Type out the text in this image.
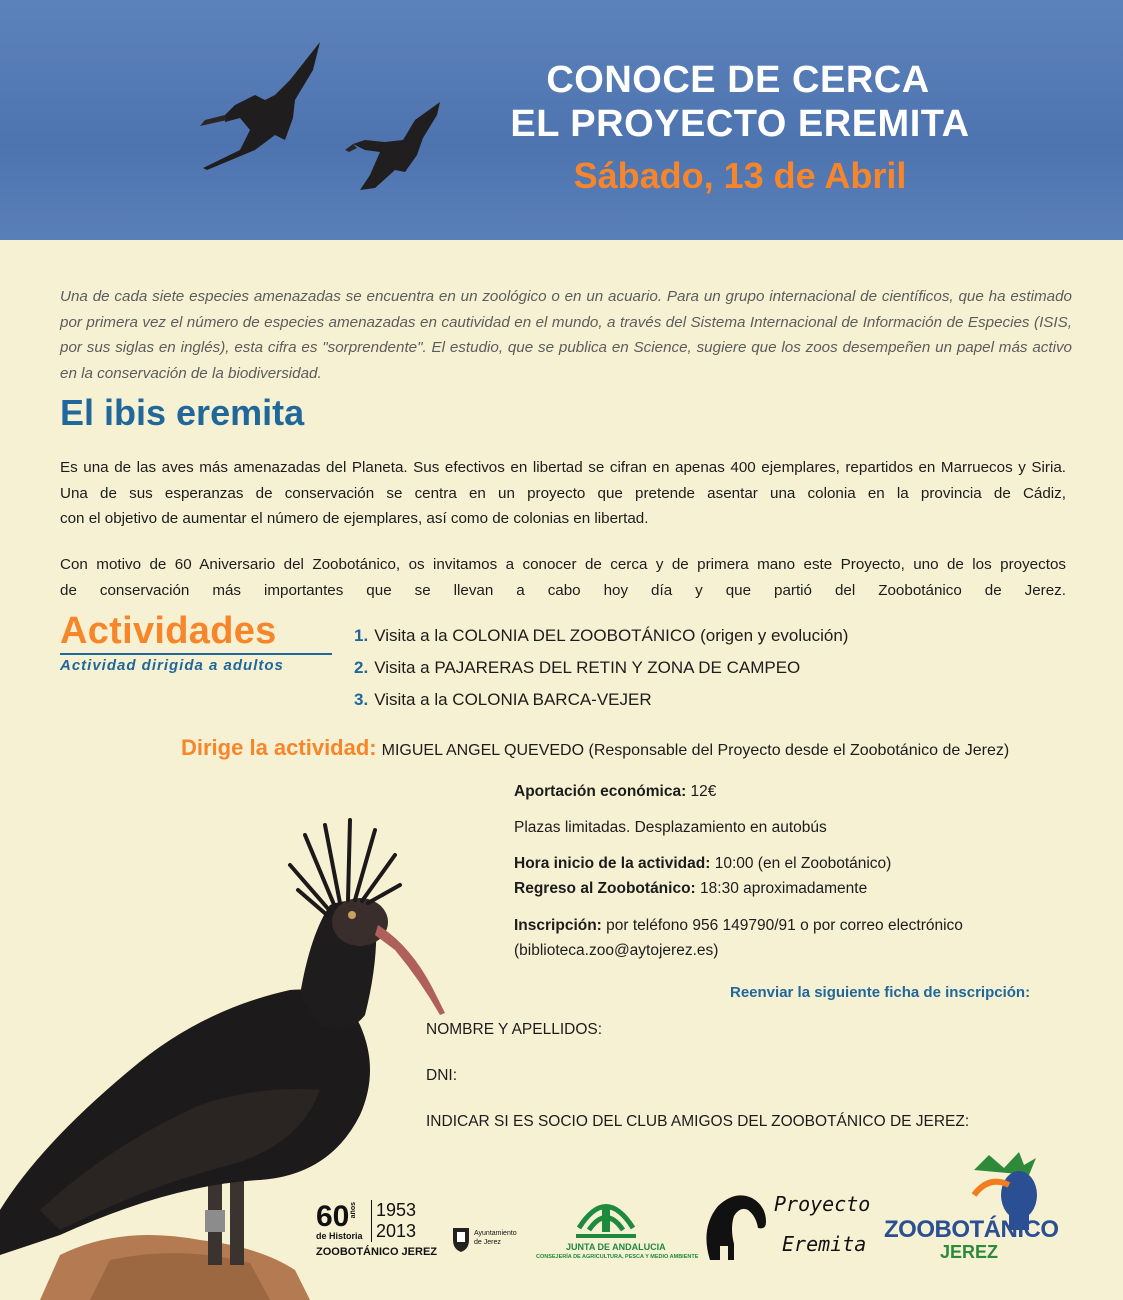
CONOCE DE CERCA
EL PROYECTO EREMITA
Sábado, 13 de Abril
Una de cada siete especies amenazadas se encuentra en un zoológico o en un acuario. Para un grupo internacional de científicos, que ha estimado por primera vez el número de especies amenazadas en cautividad en el mundo, a través del Sistema Internacional de Información de Especies (ISIS, por sus siglas en inglés), esta cifra es "sorprendente". El estudio, que se publica en Science, sugiere que los zoos desempeñen un papel más activo en la conservación de la biodiversidad.
El ibis eremita
Es una de las aves más amenazadas del Planeta. Sus efectivos en libertad se cifran en apenas 400 ejemplares, repartidos en Marruecos y Siria. Una de sus esperanzas de conservación se centra en un proyecto que pretende asentar una colonia en la provincia de Cádiz,
con el objetivo de aumentar el número de ejemplares, así como de colonias en libertad.
Con motivo de 60 Aniversario del Zoobotánico, os invitamos a conocer de cerca y de primera mano este Proyecto, uno de los proyectos
de conservación más importantes que se llevan a cabo hoy día y que partió del Zoobotánico de Jerez.
Actividades
Actividad dirigida a adultos
1. Visita a la COLONIA DEL ZOOBOTÁNICO (origen y evolución)
2. Visita a PAJARERAS DEL RETIN Y ZONA DE CAMPEO
3. Visita a la COLONIA BARCA-VEJER
Dirige la actividad: MIGUEL ANGEL QUEVEDO (Responsable del Proyecto desde el Zoobotánico de Jerez)
Aportación económica: 12€
Plazas limitadas. Desplazamiento en autobús
Hora inicio de la actividad: 10:00 (en el Zoobotánico)
Regreso al Zoobotánico: 18:30 aproximadamente
Inscripción: por teléfono 956 149790/91 o por correo electrónico
(biblioteca.zoo@aytojerez.es)
Reenviar la siguiente ficha de inscripción:
NOMBRE Y APELLIDOS:
DNI:
INDICAR SI ES SOCIO DEL CLUB AMIGOS DEL ZOOBOTÁNICO DE JEREZ:
60 años
de Historia
1953
2013
ZOOBOTÁNICO JEREZ
Ayuntamiento
de Jerez	JUNTA DE ANDALUCIA
CONSEJERÍA DE AGRICULTURA, PESCA Y MEDIO AMBIENTE
Proyecto
Eremita
ZOOBOTÁNICO
JEREZ
